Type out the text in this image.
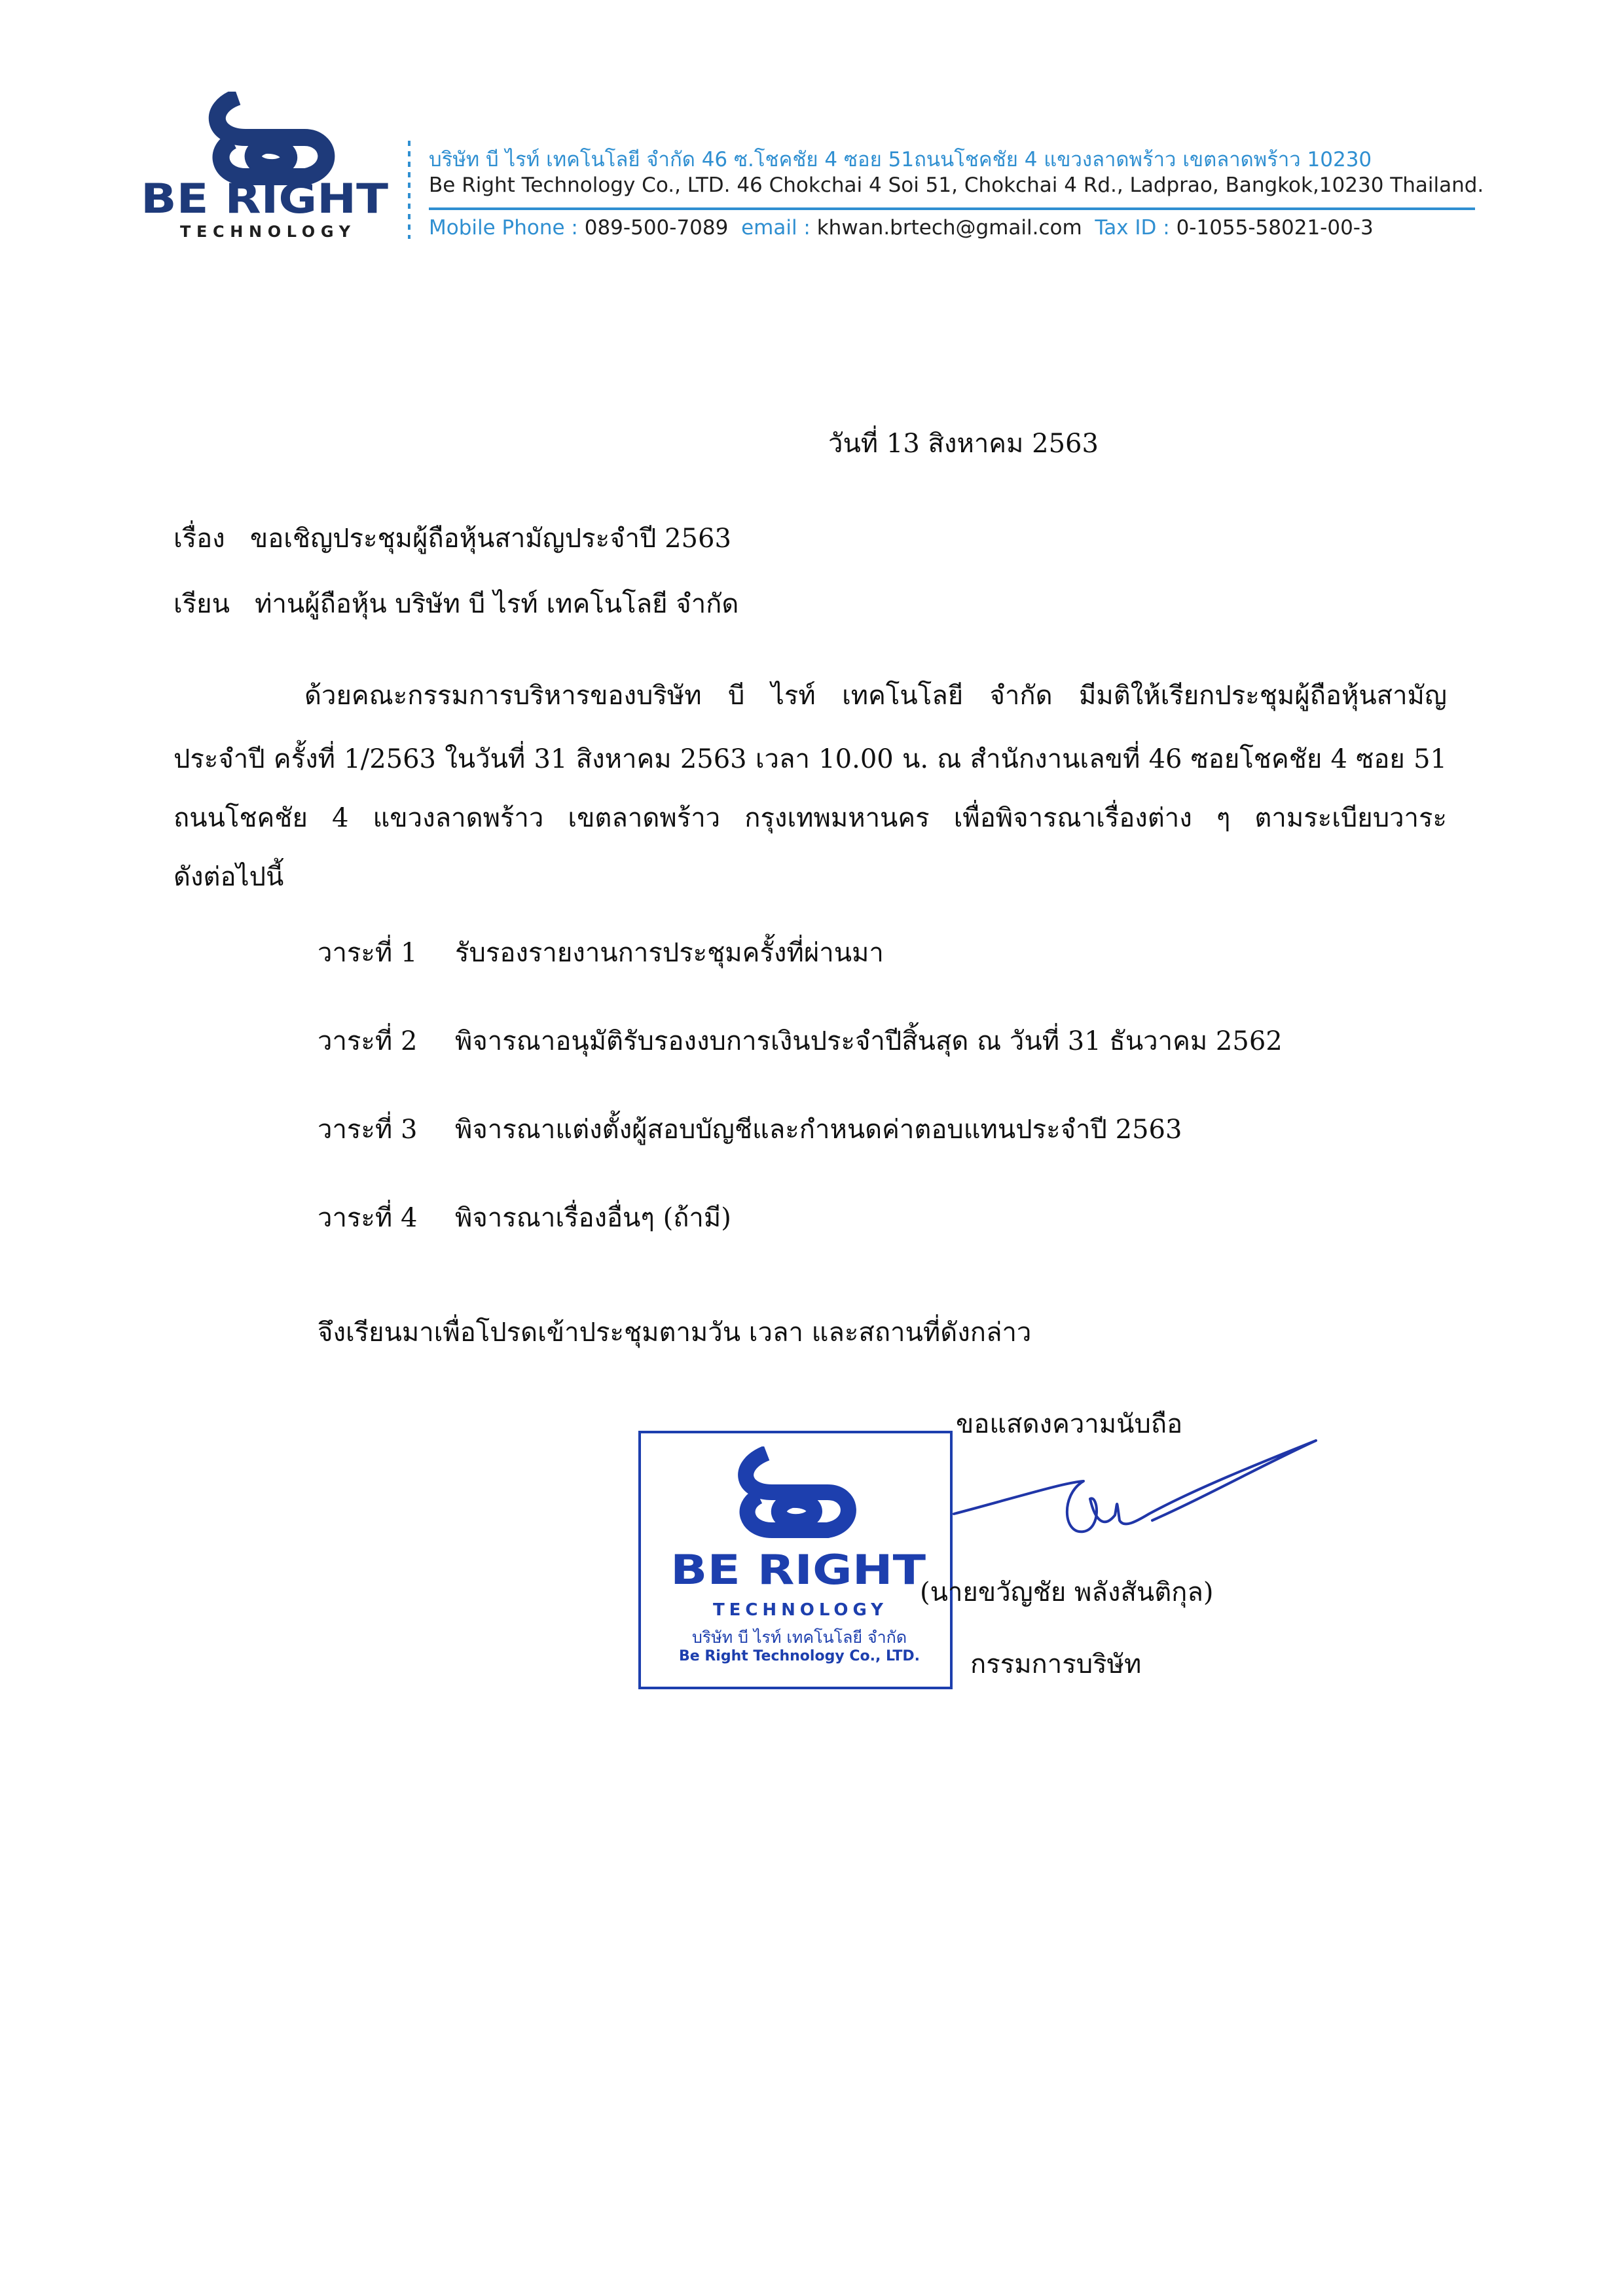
BE RIGHT
TECHNOLOGY
บริษัท บี ไรท์ เทคโนโลยี จำกัด 46 ซ.โชคชัย 4 ซอย 51ถนนโชคชัย 4 แขวงลาดพร้าว เขตลาดพร้าว 10230
Be Right Technology Co., LTD. 46 Chokchai 4 Soi 51, Chokchai 4 Rd., Ladprao, Bangkok,10230 Thailand.
Mobile Phone : 089-500-7089 email : khwan.brtech@gmail.com Tax ID : 0-1055-58021-00-3
วันที่ 13 สิงหาคม 2563
เรื่อง ขอเชิญประชุมผู้ถือหุ้นสามัญประจำปี 2563
เรียน ท่านผู้ถือหุ้น บริษัท บี ไรท์ เทคโนโลยี จำกัด
ด้วยคณะกรรมการบริหารของบริษัท บี ไรท์ เทคโนโลยี จำกัด มีมติให้เรียกประชุมผู้ถือหุ้นสามัญ
ประจำปี ครั้งที่ 1/2563 ในวันที่ 31 สิงหาคม 2563 เวลา 10.00 น. ณ สำนักงานเลขที่ 46 ซอยโชคชัย 4 ซอย 51
ถนนโชคชัย 4 แขวงลาดพร้าว เขตลาดพร้าว กรุงเทพมหานคร เพื่อพิจารณาเรื่องต่าง ๆ ตามระเบียบวาระ
ดังต่อไปนี้
วาระที่ 1 รับรองรายงานการประชุมครั้งที่ผ่านมา
วาระที่ 2 พิจารณาอนุมัติรับรองงบการเงินประจำปีสิ้นสุด ณ วันที่ 31 ธันวาคม 2562
วาระที่ 3 พิจารณาแต่งตั้งผู้สอบบัญชีและกำหนดค่าตอบแทนประจำปี 2563
วาระที่ 4 พิจารณาเรื่องอื่นๆ (ถ้ามี)
จึงเรียนมาเพื่อโปรดเข้าประชุมตามวัน เวลา และสถานที่ดังกล่าว
ขอแสดงความนับถือ
BE RIGHT
TECHNOLOGY
บริษัท บี ไรท์ เทคโนโลยี จำกัด
Be Right Technology Co., LTD.
(นายขวัญชัย พลังสันติกุล)
กรรมการบริษัท
